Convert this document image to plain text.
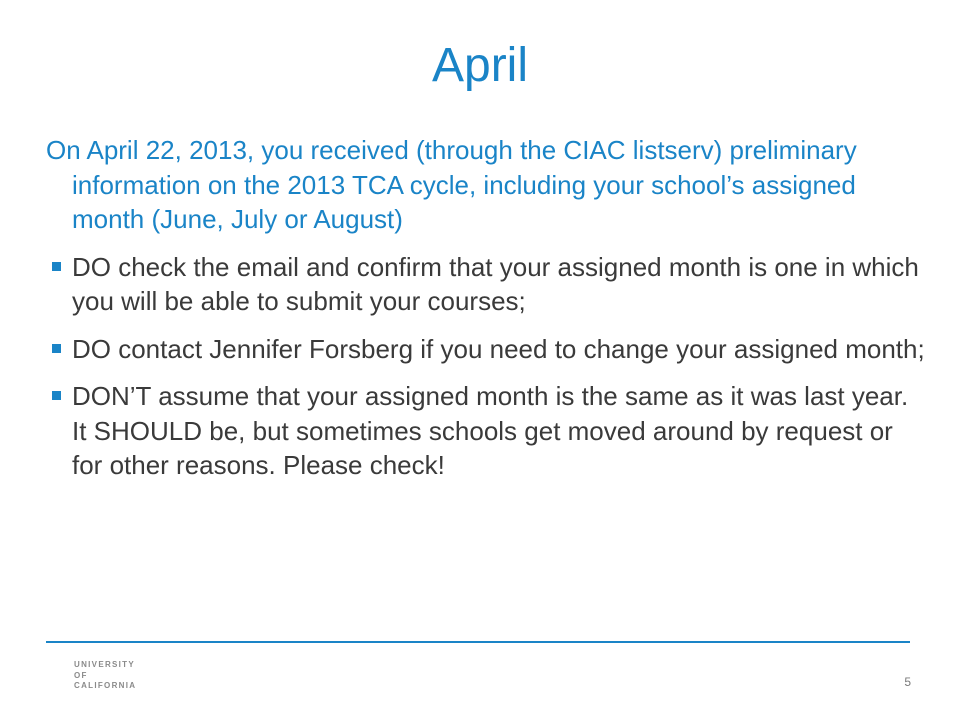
April

On April 22, 2013, you received (through the CIAC listserv) preliminary information on the 2013 TCA cycle, including your school’s assigned month (June, July or August)

DO check the email and confirm that your assigned month is one in which you will be able to submit your courses;
DO contact Jennifer Forsberg if you need to change your assigned month;
DON’T assume that your assigned month is the same as it was last year. It SHOULD be, but sometimes schools get moved around by request or for other reasons. Please check!
UNIVERSITY
OF
CALIFORNIA	5
